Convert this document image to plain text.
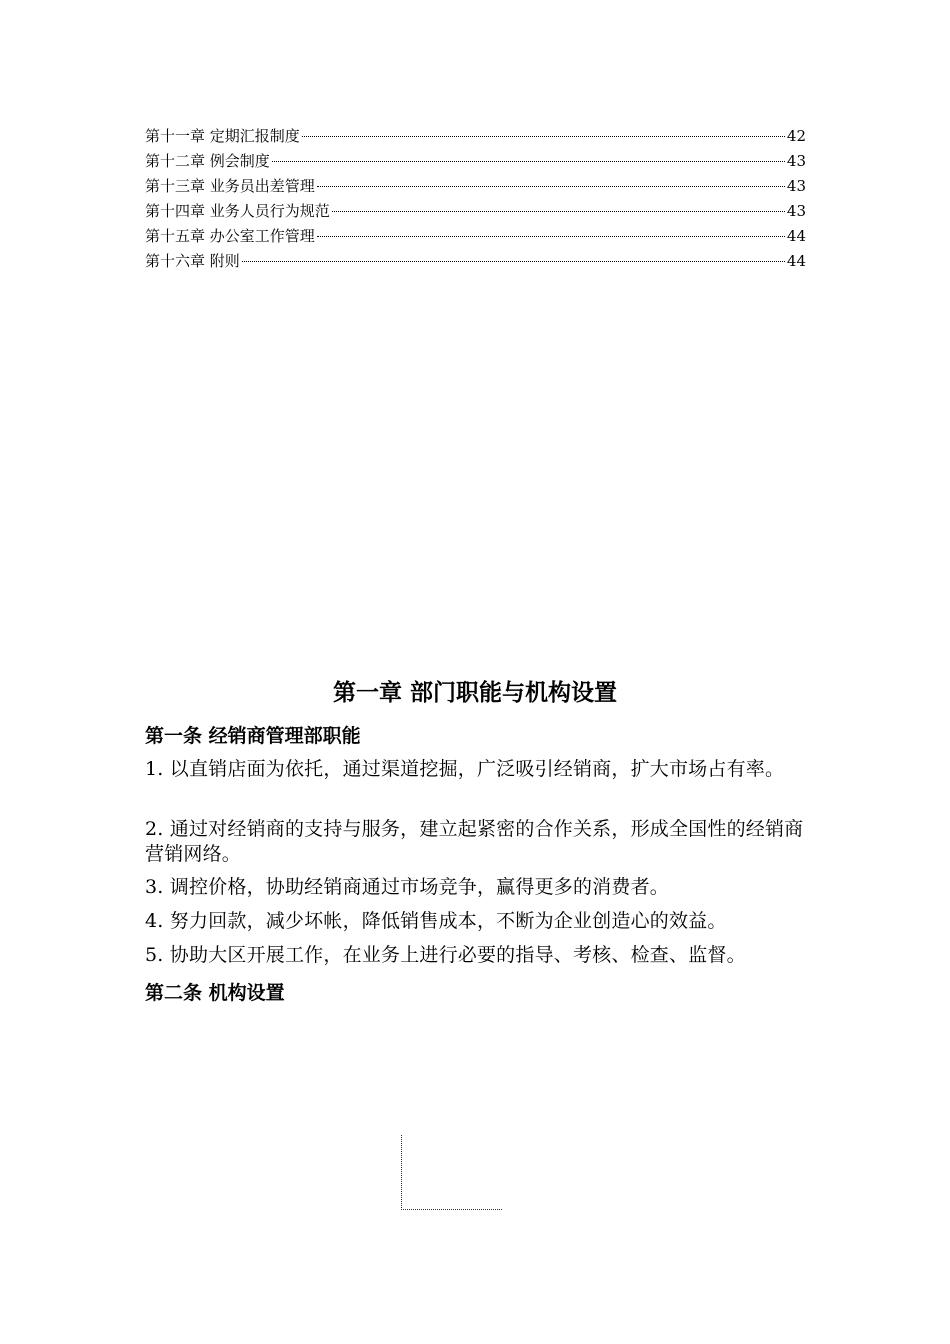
第十一章 定期汇报制度	42
第十二章 例会制度	43
第十三章 业务员出差管理	43
第十四章 业务人员行为规范	43
第十五章 办公室工作管理	44
第十六章 附则	44
第一章 部门职能与机构设置
第一条 经销商管理部职能
1. 以直销店面为依托，通过渠道挖掘，广泛吸引经销商，扩大市场占有率。
2. 通过对经销商的支持与服务，建立起紧密的合作关系，形成全国性的经销商营销网络。
3. 调控价格，协助经销商通过市场竞争，赢得更多的消费者。
4. 努力回款，减少坏帐，降低销售成本，不断为企业创造心的效益。
5. 协助大区开展工作，在业务上进行必要的指导、考核、检查、监督。
第二条 机构设置
